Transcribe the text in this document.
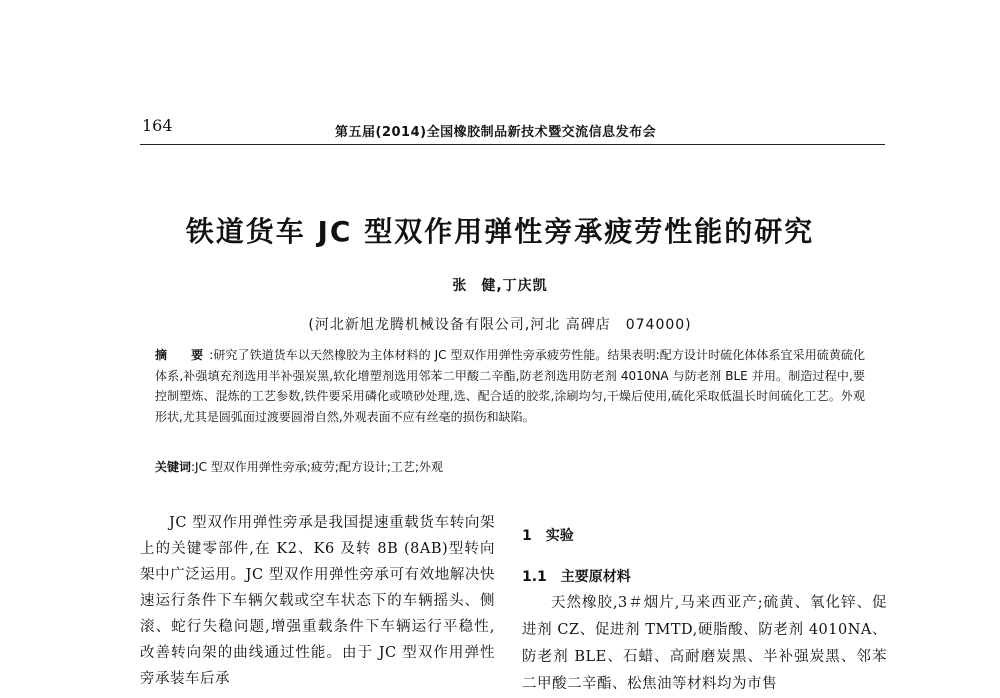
164	第五届(2014)全国橡胶制品新技术暨交流信息发布会
铁道货车 JC 型双作用弹性旁承疲劳性能的研究
张 健,丁庆凯
(河北新旭龙腾机械设备有限公司,河北 高碑店　074000)
摘　要:研究了铁道货车以天然橡胶为主体材料的 JC 型双作用弹性旁承疲劳性能。结果表明:配方设计时硫化体体系宜采用硫黄硫化体系,补强填充剂选用半补强炭黑,软化增塑剂选用邻苯二甲酸二辛酯,防老剂选用防老剂 4010NA 与防老剂 BLE 并用。制造过程中,要控制塑炼、混炼的工艺参数,铁件要采用磷化或喷砂处理,选、配合适的胶浆,涂刷均匀,干燥后使用,硫化采取低温长时间硫化工艺。外观形状,尤其是圆弧面过渡要圆滑自然,外观表面不应有丝毫的损伤和缺陷。
关键词:JC 型双作用弹性旁承;疲劳;配方设计;工艺;外观
JC 型双作用弹性旁承是我国提速重载货车转向架上的关键零部件,在 K2、K6 及转 8B (8AB)型转向架中广泛运用。JC 型双作用弹性旁承可有效地解决快速运行条件下车辆欠载或空车状态下的车辆摇头、侧滚、蛇行失稳问题,增强重载条件下车辆运行平稳性,改善转向架的曲线通过性能。由于 JC 型双作用弹性旁承装车后承
1　实验
1.1　主要原材料
天然橡胶,3＃烟片,马来西亚产;硫黄、氧化锌、促进剂 CZ、促进剂 TMTD,硬脂酸、防老剂 4010NA、防老剂 BLE、石蜡、高耐磨炭黑、半补强炭黑、邻苯二甲酸二辛酯、松焦油等材料均为市售
